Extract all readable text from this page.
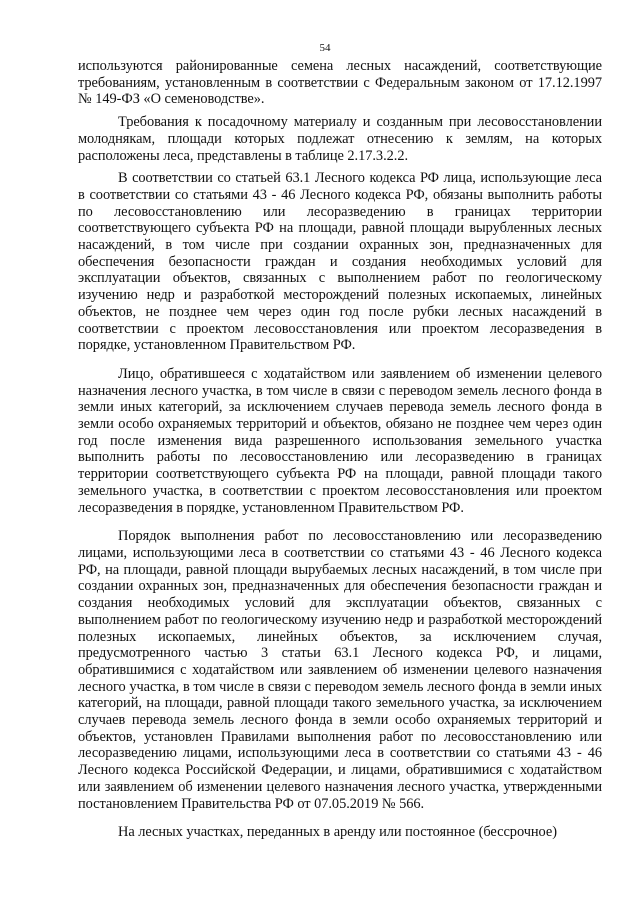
54

используются районированные семена лесных насаждений, соответствующие требованиям, установленным в соответствии с Федеральным законом от 17.12.1997 № 149-ФЗ «О семеноводстве».

Требования к посадочному материалу и созданным при лесовосстановлении молоднякам, площади которых подлежат отнесению к землям, на которых расположены леса, представлены в таблице 2.17.3.2.2.

В соответствии со статьей 63.1 Лесного кодекса РФ лица, использующие леса в соответствии со статьями 43 - 46 Лесного кодекса РФ, обязаны выполнить работы по лесовосстановлению или лесоразведению в границах территории соответствующего субъекта РФ на площади, равной площади вырубленных лесных насаждений, в том числе при создании охранных зон, предназначенных для обеспечения безопасности граждан и создания необходимых условий для эксплуатации объектов, связанных с выполнением работ по геологическому изучению недр и разработкой месторождений полезных ископаемых, линейных объектов, не позднее чем через один год после рубки лесных насаждений в соответствии с проектом лесовосстановления или проектом лесоразведения в порядке, установленном Правительством РФ.

Лицо, обратившееся с ходатайством или заявлением об изменении целевого назначения лесного участка, в том числе в связи с переводом земель лесного фонда в земли иных категорий, за исключением случаев перевода земель лесного фонда в земли особо охраняемых территорий и объектов, обязано не позднее чем через один год после изменения вида разрешенного использования земельного участка выполнить работы по лесовосстановлению или лесоразведению в границах территории соответствующего субъекта РФ на площади, равной площади такого земельного участка, в соответствии с проектом лесовосстановления или проектом лесоразведения в порядке, установленном Правительством РФ.

Порядок выполнения работ по лесовосстановлению или лесоразведению лицами, использующими леса в соответствии со статьями 43 - 46 Лесного кодекса РФ, на площади, равной площади вырубаемых лесных насаждений, в том числе при создании охранных зон, предназначенных для обеспечения безопасности граждан и создания необходимых условий для эксплуатации объектов, связанных с выполнением работ по геологическому изучению недр и разработкой месторождений полезных ископаемых, линейных объектов, за исключением случая, предусмотренного частью 3 статьи 63.1 Лесного кодекса РФ, и лицами, обратившимися с ходатайством или заявлением об изменении целевого назначения лесного участка, в том числе в связи с переводом земель лесного фонда в земли иных категорий, на площади, равной площади такого земельного участка, за исключением случаев перевода земель лесного фонда в земли особо охраняемых территорий и объектов, установлен Правилами выполнения работ по лесовосстановлению или лесоразведению лицами, использующими леса в соответствии со статьями 43 - 46 Лесного кодекса Российской Федерации, и лицами, обратившимися с ходатайством или заявлением об изменении целевого назначения лесного участка, утвержденными постановлением Правительства РФ от 07.05.2019 № 566.

На лесных участках, переданных в аренду или постоянное (бессрочное)
